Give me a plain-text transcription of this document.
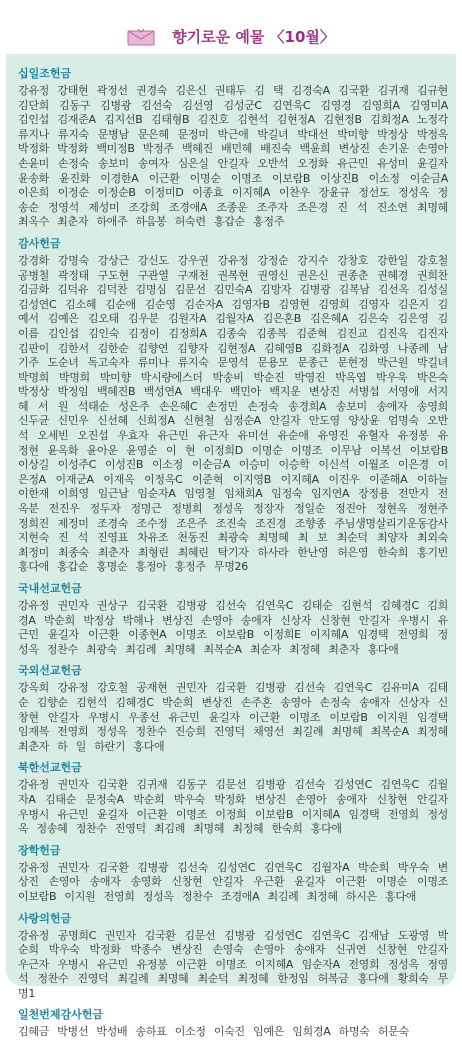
향기로운 예물 〈10월〉
십일조헌금
강유정 강태현 곽정선 권경숙 김은신 권태두 김 택 김경숙A 김국환 김귀재 김규현 김단희 김동구 김병광 김선숙 김선영 김성군C 김연욱C 김영경 김영희A 김영미A 김인섭 김재준A 김지선B 김태형B 김진호 김현석 김현정A 김현정B 김희정A 노정각 류지나 류지숙 문병남 문은혜 문정미 박근애 박길녀 박대선 박미향 박정상 박정옥 박정화 박정화 백미정B 박정주 백혜진 배민혜 배진숙 백윤희 변상진 손기운 손영아 손윤미 손정숙 송보미 송여자 심은실 안길자 오반석 오정화 유근민 유성미 윤길자 윤송화 윤진화 이경한A 이근환 이명순 이명조 이보람B 이상진B 이소정 이순금A 이은희 이정순 이정순B 이정미D 이종효 이지혜A 이찬우 장윤규 정선도 정성옥 정송순 정영석 제성미 조강희 조경애A 조종운 조주자 조은경 진 석 진소연 최명혜 최옥수 최춘자 하애주 하음봉 허숙련 홍갑순 홍정주
감사헌금
강경화 강명숙 강상근 강신도 강우권 강유정 강정순 강지수 강창호 강한일 강호철 공병철 곽정태 구도현 구관열 구재천 권복현 권영신 권은신 권종춘 권혜경 권희찬 김금화 김덕유 김덕찬 김명심 김문선 김민숙A 김방자 김병광 김복남 김선옥 김성실 김성연C 김소혜 김순애 김순영 김순자A 김영자B 김영현 김영희 김영자 김은지 김예서 김예은 김오태 김우분 김원자A 김월자A 김은혼B 김은혜A 김은숙 김은영 김이름 김인섭 김인숙 김정이 김정희A 김종숙 김종복 김준혁 김진교 김진옥 김진자 김판이 김한서 김한순 김향연 김향자 김현정A 김혜영B 김화정A 김화영 나종례 남기주 도순녀 독고숙자 류미나 류지숙 문영석 문용모 문종근 문현정 박근원 박길녀 박명희 박명희 박미향 박시량에스더 박송비 박순진 박영진 박옥엽 박우욱 박은숙 박정상 박정임 백혜진B 백성연A 백대우 백민아 백지운 변상진 서병섭 서영애 서지혜 서 원 석태순 성은주 손은혜C 손정민 손정숙 송경희A 송보미 송애자 송영희 신두균 신민우 신선혜 신희정A 신현철 심정순A 안길자 안도영 양상윤 엄명숙 오반석 오세빈 오진섭 우효자 유근민 유근자 유미선 유순애 유영진 유혈자 유정봉 유정현 윤옥화 윤아운 윤영순 이 현 이정희D 이명순 이명조 이무남 이복선 이보람B 이상길 이성주C 이성진B 이소정 이순금A 이승미 이승학 이신석 이월조 이은경 이은정A 이재군A 이재옥 이정옥C 이준혁 이지영B 이지혜A 이진우 이준해A 이하늘 이한재 이희영 임근남 임순자A 임영철 임채희A 임정숙 임지연A 장정용 전만지 전옥분 전진우 정두자 정명근 정병희 정성옥 정장자 정일순 정진아 정현옥 정현주 정희진 제정미 조경숙 조수정 조은주 조진숙 조진경 조향종 주님생명살리기운동감사 지현숙 진 석 진영표 차유조 천동진 최광숙 최명혜 최 보 최순덕 최양자 최외숙 최정미 최종숙 최춘자 최형린 최혜린 탁기자 하사라 한난영 허은영 한숙희 홍기빈 홍다애 홍갑순 홍명순 홍정아 홍정주 무명26
국내선교헌금
강유정 권민자 권상구 김국환 김병광 김선숙 김연욱C 김태순 김현석 김혜경C 김희경A 박순희 박정상 박해나 변상진 손영아 송애자 신상자 신창현 안길자 우병시 유근민 윤길자 이근환 이종현A 이명조 이보람B 이정희E 이지혜A 임경택 전영희 정성옥 정찬수 최광숙 최김례 최명혜 최복순A 최순자 최정혜 최춘자 홍다애
국외선교헌금
강옥희 강유정 강호철 공재현 권민자 김국환 김병광 김선숙 김연욱C 김유미A 김태순 김향순 김현석 김혜경C 박순희 변상진 손주혼 송영아 손정숙 송애자 신상자 신창현 안길자 우병시 우종선 유근민 윤길자 이근환 이명조 이보람B 이지원 임경택 임재복 전영희 정성옥 정찬수 진승희 진영덕 채영선 최길례 최명혜 최복순A 최정혜 최춘자 하 일 하란기 홍다애
북한선교헌금
강유정 권민자 김국환 김귀재 김동구 김문선 김병광 김선숙 김성연C 김연욱C 김월자A 김태순 문정숙A 박순희 박우숙 박정화 변상진 손영아 송애자 신창현 안길자 우병시 유근민 윤길자 이근환 이명조 이정희 이보람B 이지혜A 임경택 전영희 정성옥 정송혜 정찬수 진영덕 최김례 최명혜 최정혜 한숙희 홍다애
장학헌금
강유정 권민자 김국환 김병광 김선숙 김성연C 김연욱C 김월자A 박순희 박우숙 변상진 손영아 송애자 송영화 신창현 안길자 우근환 윤길자 이근환 이명순 이명조 이보람B 이지원 전영희 정성옥 정찬수 조경애A 최김례 최정혜 하시은 홍다애
사랑의헌금
강유정 공명희C 권민자 김국환 김문선 김병광 김성연C 김연욱C 김재남 도광영 박순희 박우숙 박정화 박종수 변상진 손영숙 손영아 송애자 신귀연 신창현 안길자 우근자 우병시 유근민 유정봉 이근환 이명조 이지혜A 임순자A 전영희 정성옥 정영석 정찬수 진영덕 최길례 최명혜 최순덕 최정혜 한정임 허복금 홍다애 황희숙 무명1
일천번제감사헌금
김혜금 박병선 박성배 송하표 이소정 이숙진 임예은 임희경A 하명숙 허문숙
